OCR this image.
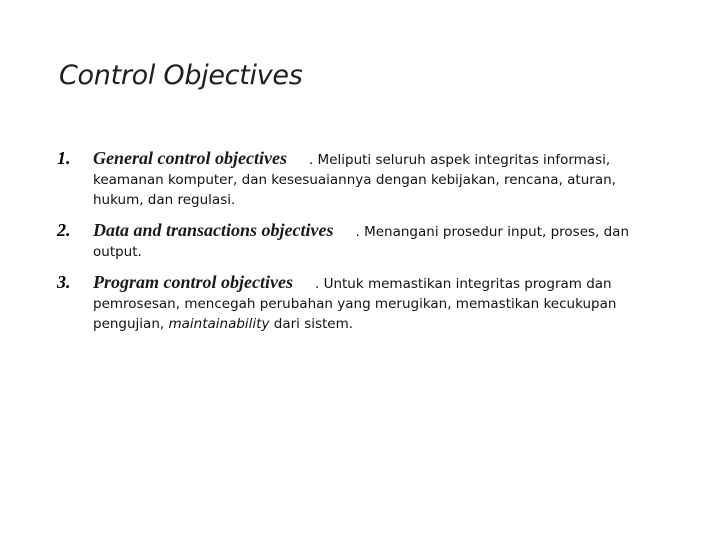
Control Objectives
1. General control objectives . Meliputi seluruh aspek integritas informasi, keamanan komputer, dan kesesuaiannya dengan kebijakan, rencana, aturan, hukum, dan regulasi.
2. Data and transactions objectives . Menangani prosedur input, proses, dan output.
3. Program control objectives . Untuk memastikan integritas program dan pemrosesan, mencegah perubahan yang merugikan, memastikan kecukupan pengujian, maintainability dari sistem.
